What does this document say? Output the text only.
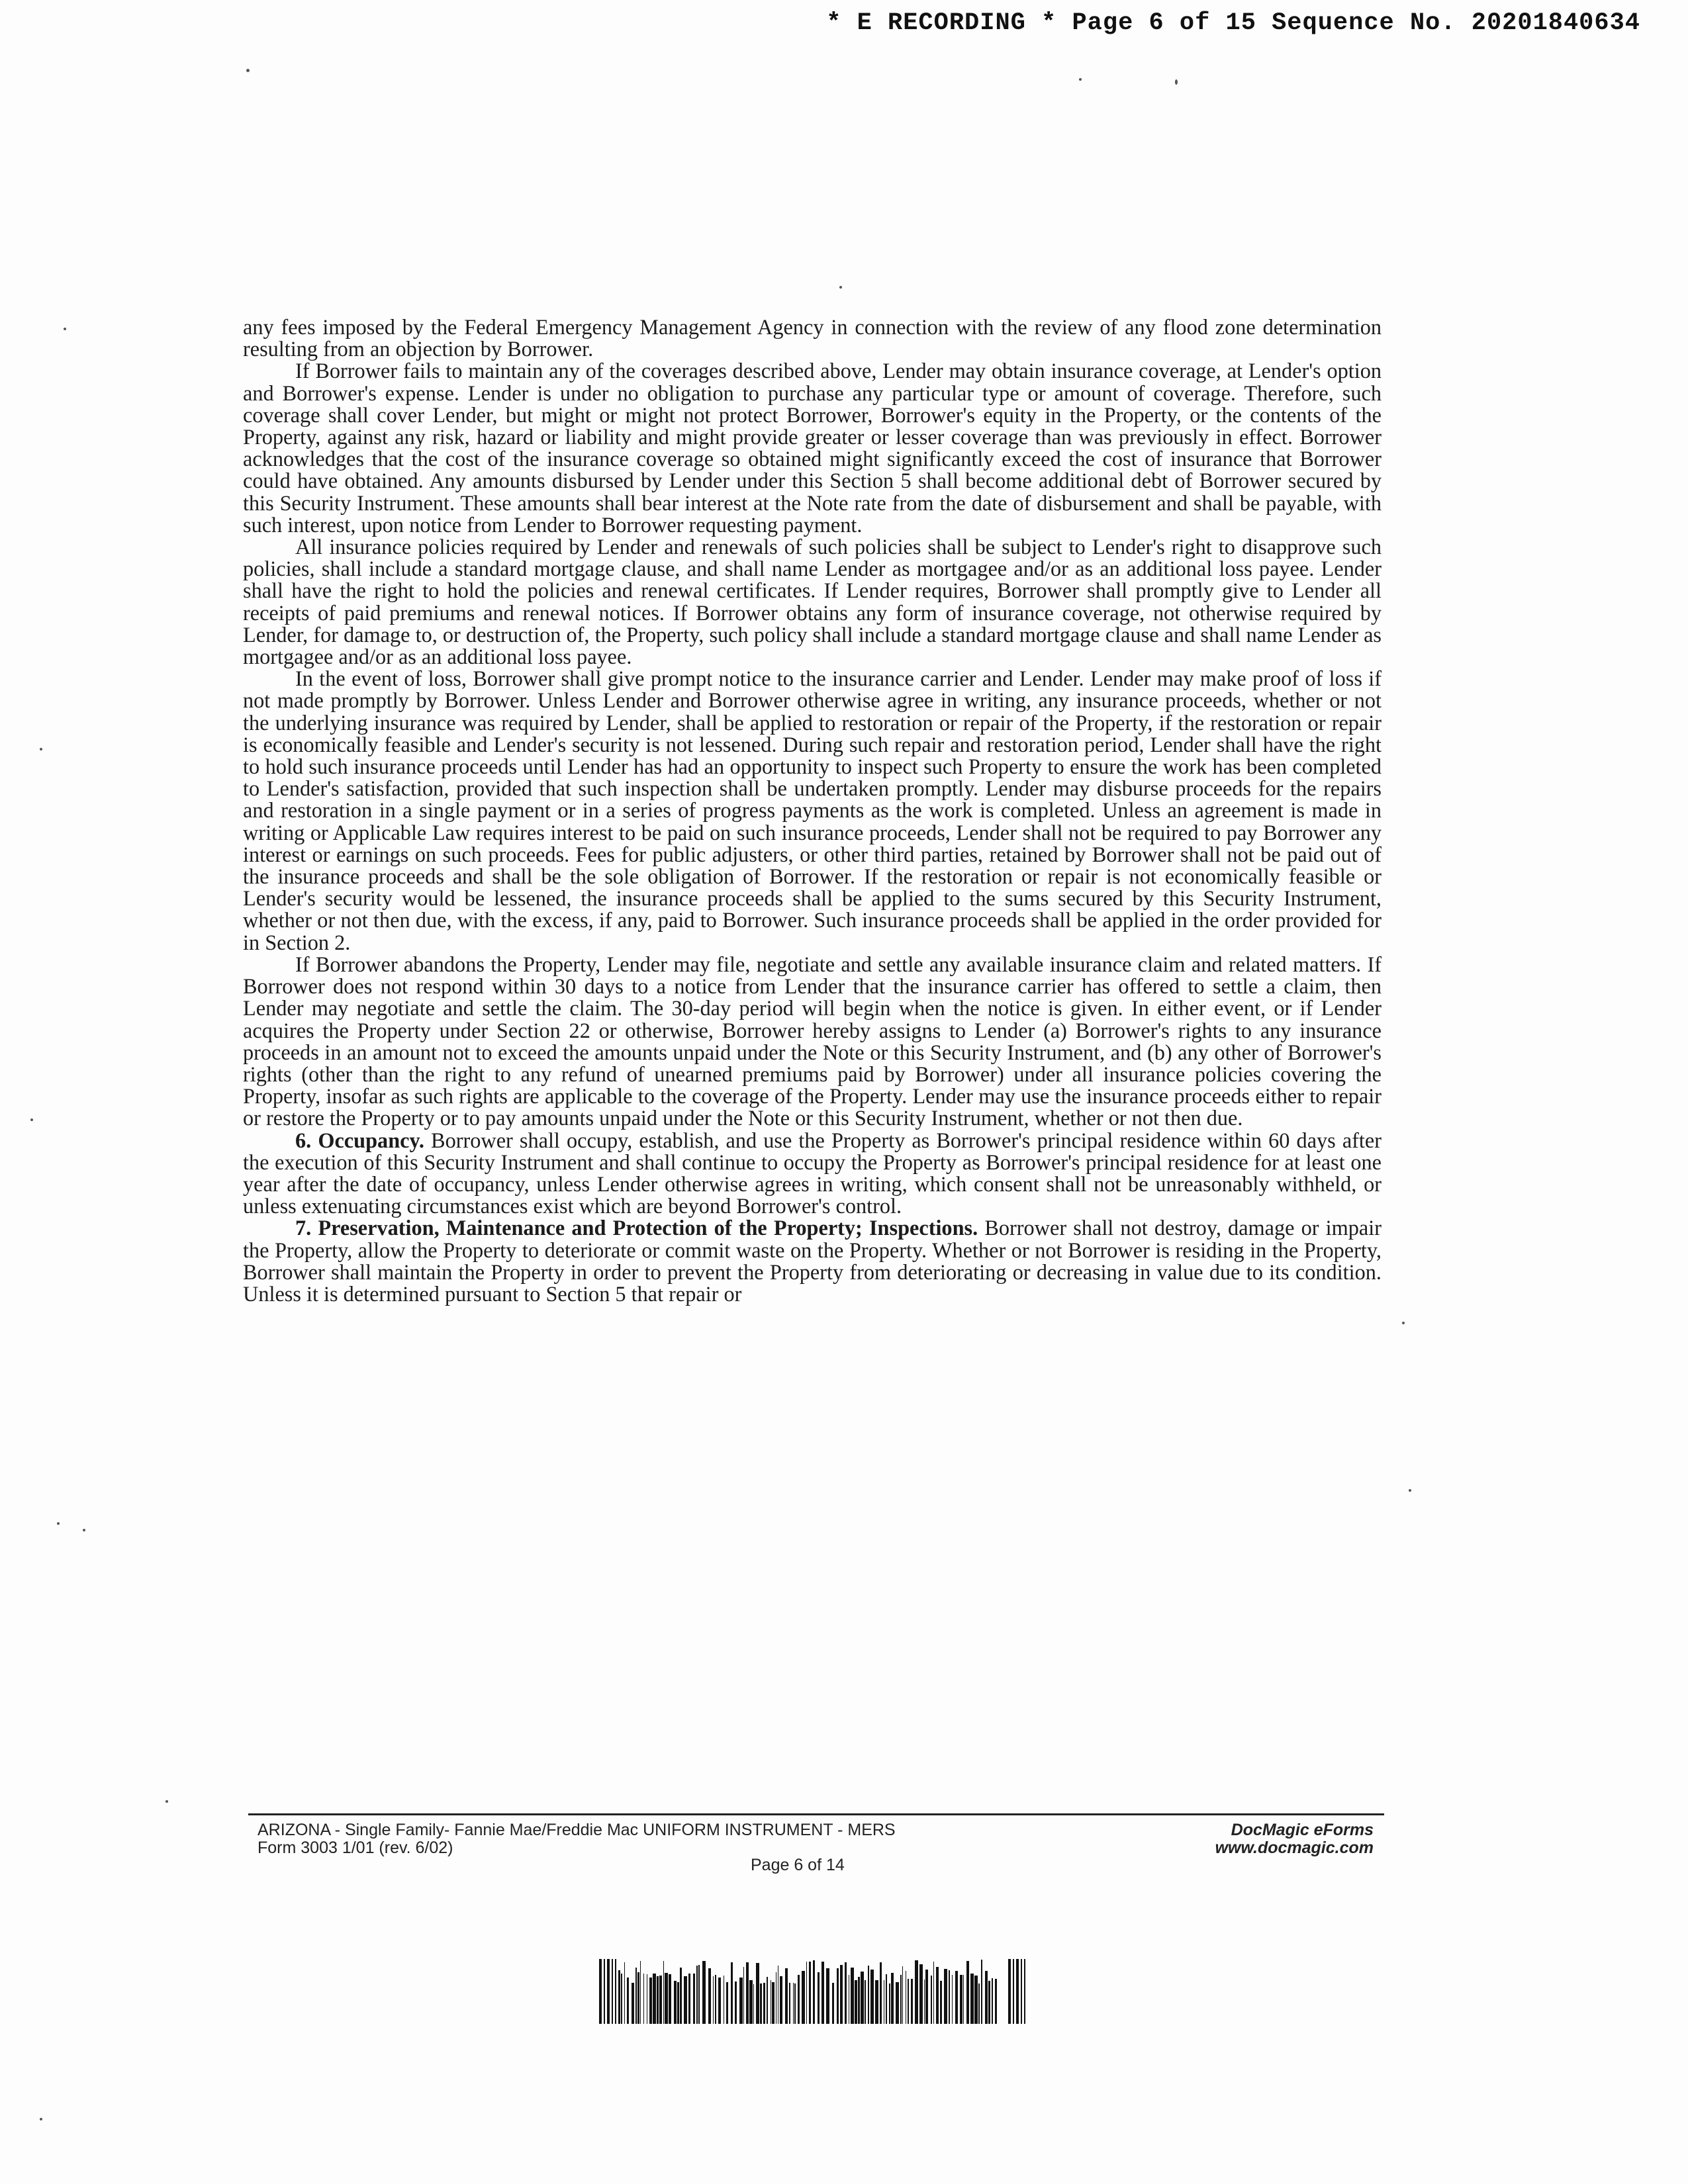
* E RECORDING * Page 6 of 15 Sequence No. 20201840634

any fees imposed by the Federal Emergency Management Agency in connection with the review of any flood zone determination resulting from an objection by Borrower.

If Borrower fails to maintain any of the coverages described above, Lender may obtain insurance coverage, at Lender's option and Borrower's expense. Lender is under no obligation to purchase any particular type or amount of coverage. Therefore, such coverage shall cover Lender, but might or might not protect Borrower, Borrower's equity in the Property, or the contents of the Property, against any risk, hazard or liability and might provide greater or lesser coverage than was previously in effect. Borrower acknowledges that the cost of the insurance coverage so obtained might significantly exceed the cost of insurance that Borrower could have obtained. Any amounts disbursed by Lender under this Section 5 shall become additional debt of Borrower secured by this Security Instrument. These amounts shall bear interest at the Note rate from the date of disbursement and shall be payable, with such interest, upon notice from Lender to Borrower requesting payment.

All insurance policies required by Lender and renewals of such policies shall be subject to Lender's right to disapprove such policies, shall include a standard mortgage clause, and shall name Lender as mortgagee and/or as an additional loss payee. Lender shall have the right to hold the policies and renewal certificates. If Lender requires, Borrower shall promptly give to Lender all receipts of paid premiums and renewal notices. If Borrower obtains any form of insurance coverage, not otherwise required by Lender, for damage to, or destruction of, the Property, such policy shall include a standard mortgage clause and shall name Lender as mortgagee and/or as an additional loss payee.

In the event of loss, Borrower shall give prompt notice to the insurance carrier and Lender. Lender may make proof of loss if not made promptly by Borrower. Unless Lender and Borrower otherwise agree in writing, any insurance proceeds, whether or not the underlying insurance was required by Lender, shall be applied to restoration or repair of the Property, if the restoration or repair is economically feasible and Lender's security is not lessened. During such repair and restoration period, Lender shall have the right to hold such insurance proceeds until Lender has had an opportunity to inspect such Property to ensure the work has been completed to Lender's satisfaction, provided that such inspection shall be undertaken promptly. Lender may disburse proceeds for the repairs and restoration in a single payment or in a series of progress payments as the work is completed. Unless an agreement is made in writing or Applicable Law requires interest to be paid on such insurance proceeds, Lender shall not be required to pay Borrower any interest or earnings on such proceeds. Fees for public adjusters, or other third parties, retained by Borrower shall not be paid out of the insurance proceeds and shall be the sole obligation of Borrower. If the restoration or repair is not economically feasible or Lender's security would be lessened, the insurance proceeds shall be applied to the sums secured by this Security Instrument, whether or not then due, with the excess, if any, paid to Borrower. Such insurance proceeds shall be applied in the order provided for in Section 2.

If Borrower abandons the Property, Lender may file, negotiate and settle any available insurance claim and related matters. If Borrower does not respond within 30 days to a notice from Lender that the insurance carrier has offered to settle a claim, then Lender may negotiate and settle the claim. The 30-day period will begin when the notice is given. In either event, or if Lender acquires the Property under Section 22 or otherwise, Borrower hereby assigns to Lender (a) Borrower's rights to any insurance proceeds in an amount not to exceed the amounts unpaid under the Note or this Security Instrument, and (b) any other of Borrower's rights (other than the right to any refund of unearned premiums paid by Borrower) under all insurance policies covering the Property, insofar as such rights are applicable to the coverage of the Property. Lender may use the insurance proceeds either to repair or restore the Property or to pay amounts unpaid under the Note or this Security Instrument, whether or not then due.

6. Occupancy. Borrower shall occupy, establish, and use the Property as Borrower's principal residence within 60 days after the execution of this Security Instrument and shall continue to occupy the Property as Borrower's principal residence for at least one year after the date of occupancy, unless Lender otherwise agrees in writing, which consent shall not be unreasonably withheld, or unless extenuating circumstances exist which are beyond Borrower's control.

7. Preservation, Maintenance and Protection of the Property; Inspections. Borrower shall not destroy, damage or impair the Property, allow the Property to deteriorate or commit waste on the Property. Whether or not Borrower is residing in the Property, Borrower shall maintain the Property in order to prevent the Property from deteriorating or decreasing in value due to its condition. Unless it is determined pursuant to Section 5 that repair or

ARIZONA - Single Family- Fannie Mae/Freddie Mac UNIFORM INSTRUMENT - MERS
Form 3003 1/01 (rev. 6/02)
DocMagic eForms
www.docmagic.com
Page 6 of 14
